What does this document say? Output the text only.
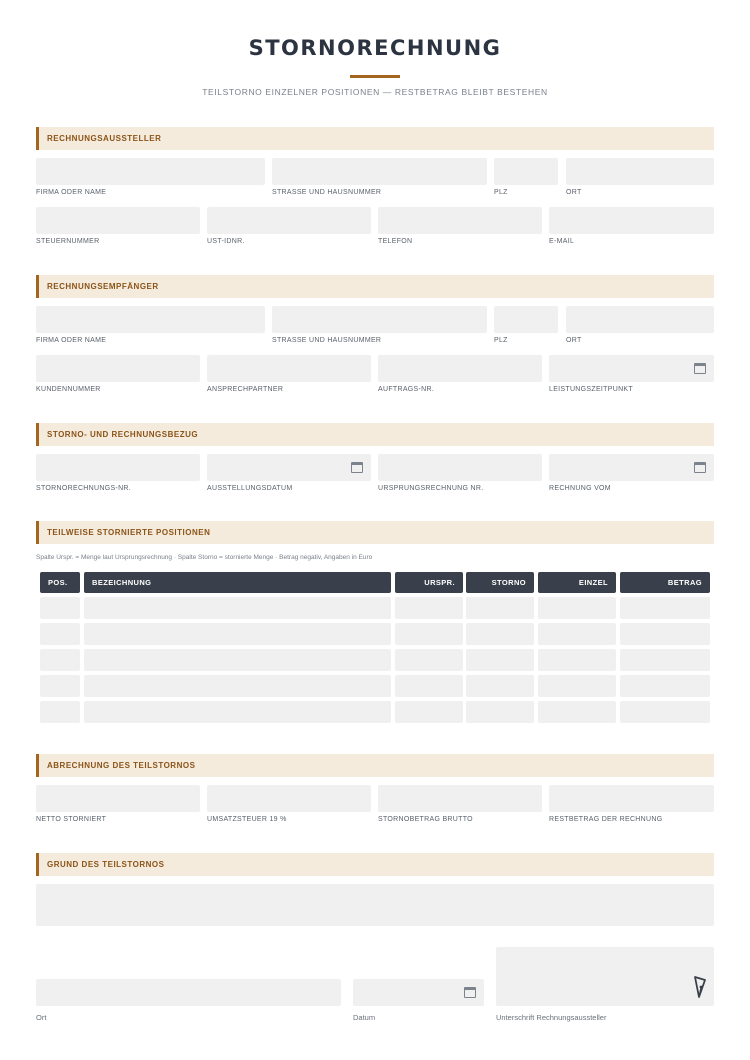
STORNORECHNUNG
TEILSTORNO EINZELNER POSITIONEN — RESTBETRAG BLEIBT BESTEHEN
RECHNUNGSAUSSTELLER
FIRMA ODER NAME	STRASSE UND HAUSNUMMER	PLZ	ORT
STEUERNUMMER	UST-IDNR.	TELEFON	E-MAIL
RECHNUNGSEMPFÄNGER
FIRMA ODER NAME	STRASSE UND HAUSNUMMER	PLZ	ORT
KUNDENNUMMER	ANSPRECHPARTNER	AUFTRAGS-NR.	LEISTUNGSZEITPUNKT
STORNO- UND RECHNUNGSBEZUG
STORNORECHNUNGS-NR.	AUSSTELLUNGSDATUM	URSPRUNGSRECHNUNG NR.	RECHNUNG VOM
TEILWEISE STORNIERTE POSITIONEN
Spalte Urspr. = Menge laut Ursprungsrechnung · Spalte Storno = stornierte Menge · Betrag negativ, Angaben in Euro
POS.	BEZEICHNUNG	URSPR.	STORNO	EINZEL	BETRAG
ABRECHNUNG DES TEILSTORNOS
NETTO STORNIERT	UMSATZSTEUER 19 %	STORNOBETRAG BRUTTO	RESTBETRAG DER RECHNUNG
GRUND DES TEILSTORNOS
Ort	Datum	Unterschrift Rechnungsaussteller
